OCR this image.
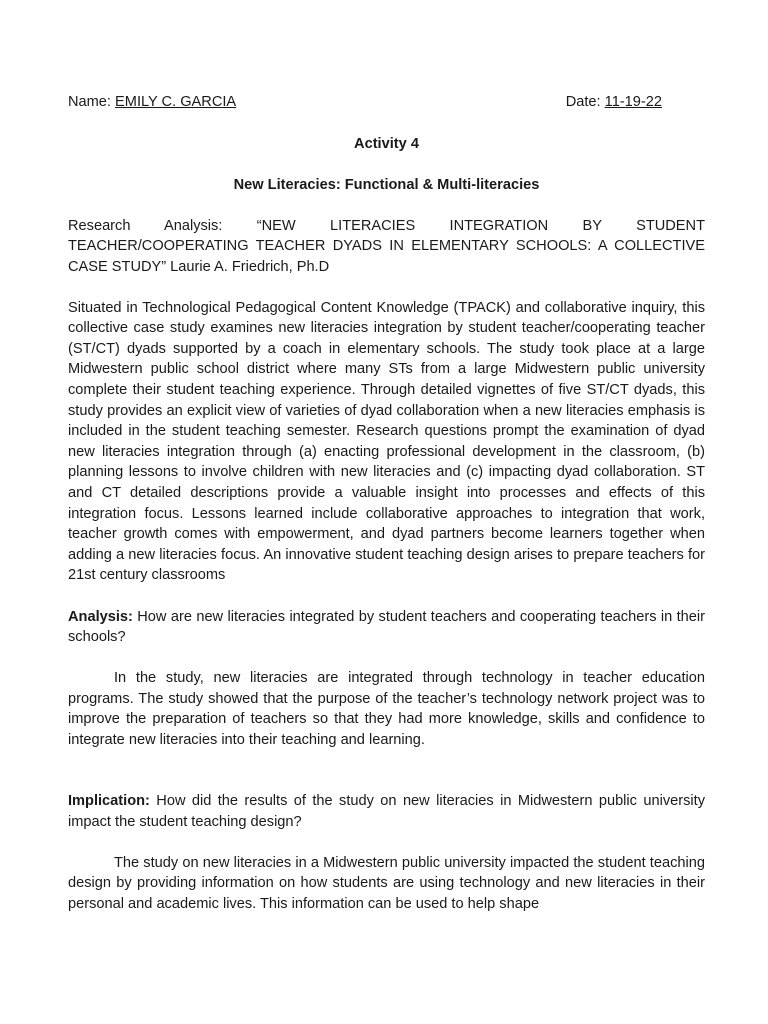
Name: EMILY C. GARCIA	Date: 11-19-22
Activity 4
New Literacies: Functional & Multi-literacies

Research Analysis: “NEW LITERACIES INTEGRATION BY STUDENT TEACHER/COOPERATING TEACHER DYADS IN ELEMENTARY SCHOOLS: A COLLECTIVE CASE STUDY” Laurie A. Friedrich, Ph.D

Situated in Technological Pedagogical Content Knowledge (TPACK) and collaborative inquiry, this collective case study examines new literacies integration by student teacher/cooperating teacher (ST/CT) dyads supported by a coach in elementary schools. The study took place at a large Midwestern public school district where many STs from a large Midwestern public university complete their student teaching experience. Through detailed vignettes of five ST/CT dyads, this study provides an explicit view of varieties of dyad collaboration when a new literacies emphasis is included in the student teaching semester. Research questions prompt the examination of dyad new literacies integration through (a) enacting professional development in the classroom, (b) planning lessons to involve children with new literacies and (c) impacting dyad collaboration. ST and CT detailed descriptions provide a valuable insight into processes and effects of this integration focus. Lessons learned include collaborative approaches to integration that work, teacher growth comes with empowerment, and dyad partners become learners together when adding a new literacies focus. An innovative student teaching design arises to prepare teachers for 21st century classrooms

Analysis: How are new literacies integrated by student teachers and cooperating teachers in their schools?

In the study, new literacies are integrated through technology in teacher education programs. The study showed that the purpose of the teacher’s technology network project was to improve the preparation of teachers so that they had more knowledge, skills and confidence to integrate new literacies into their teaching and learning.

Implication: How did the results of the study on new literacies in Midwestern public university impact the student teaching design?

The study on new literacies in a Midwestern public university impacted the student teaching design by providing information on how students are using technology and new literacies in their personal and academic lives. This information can be used to help shape
